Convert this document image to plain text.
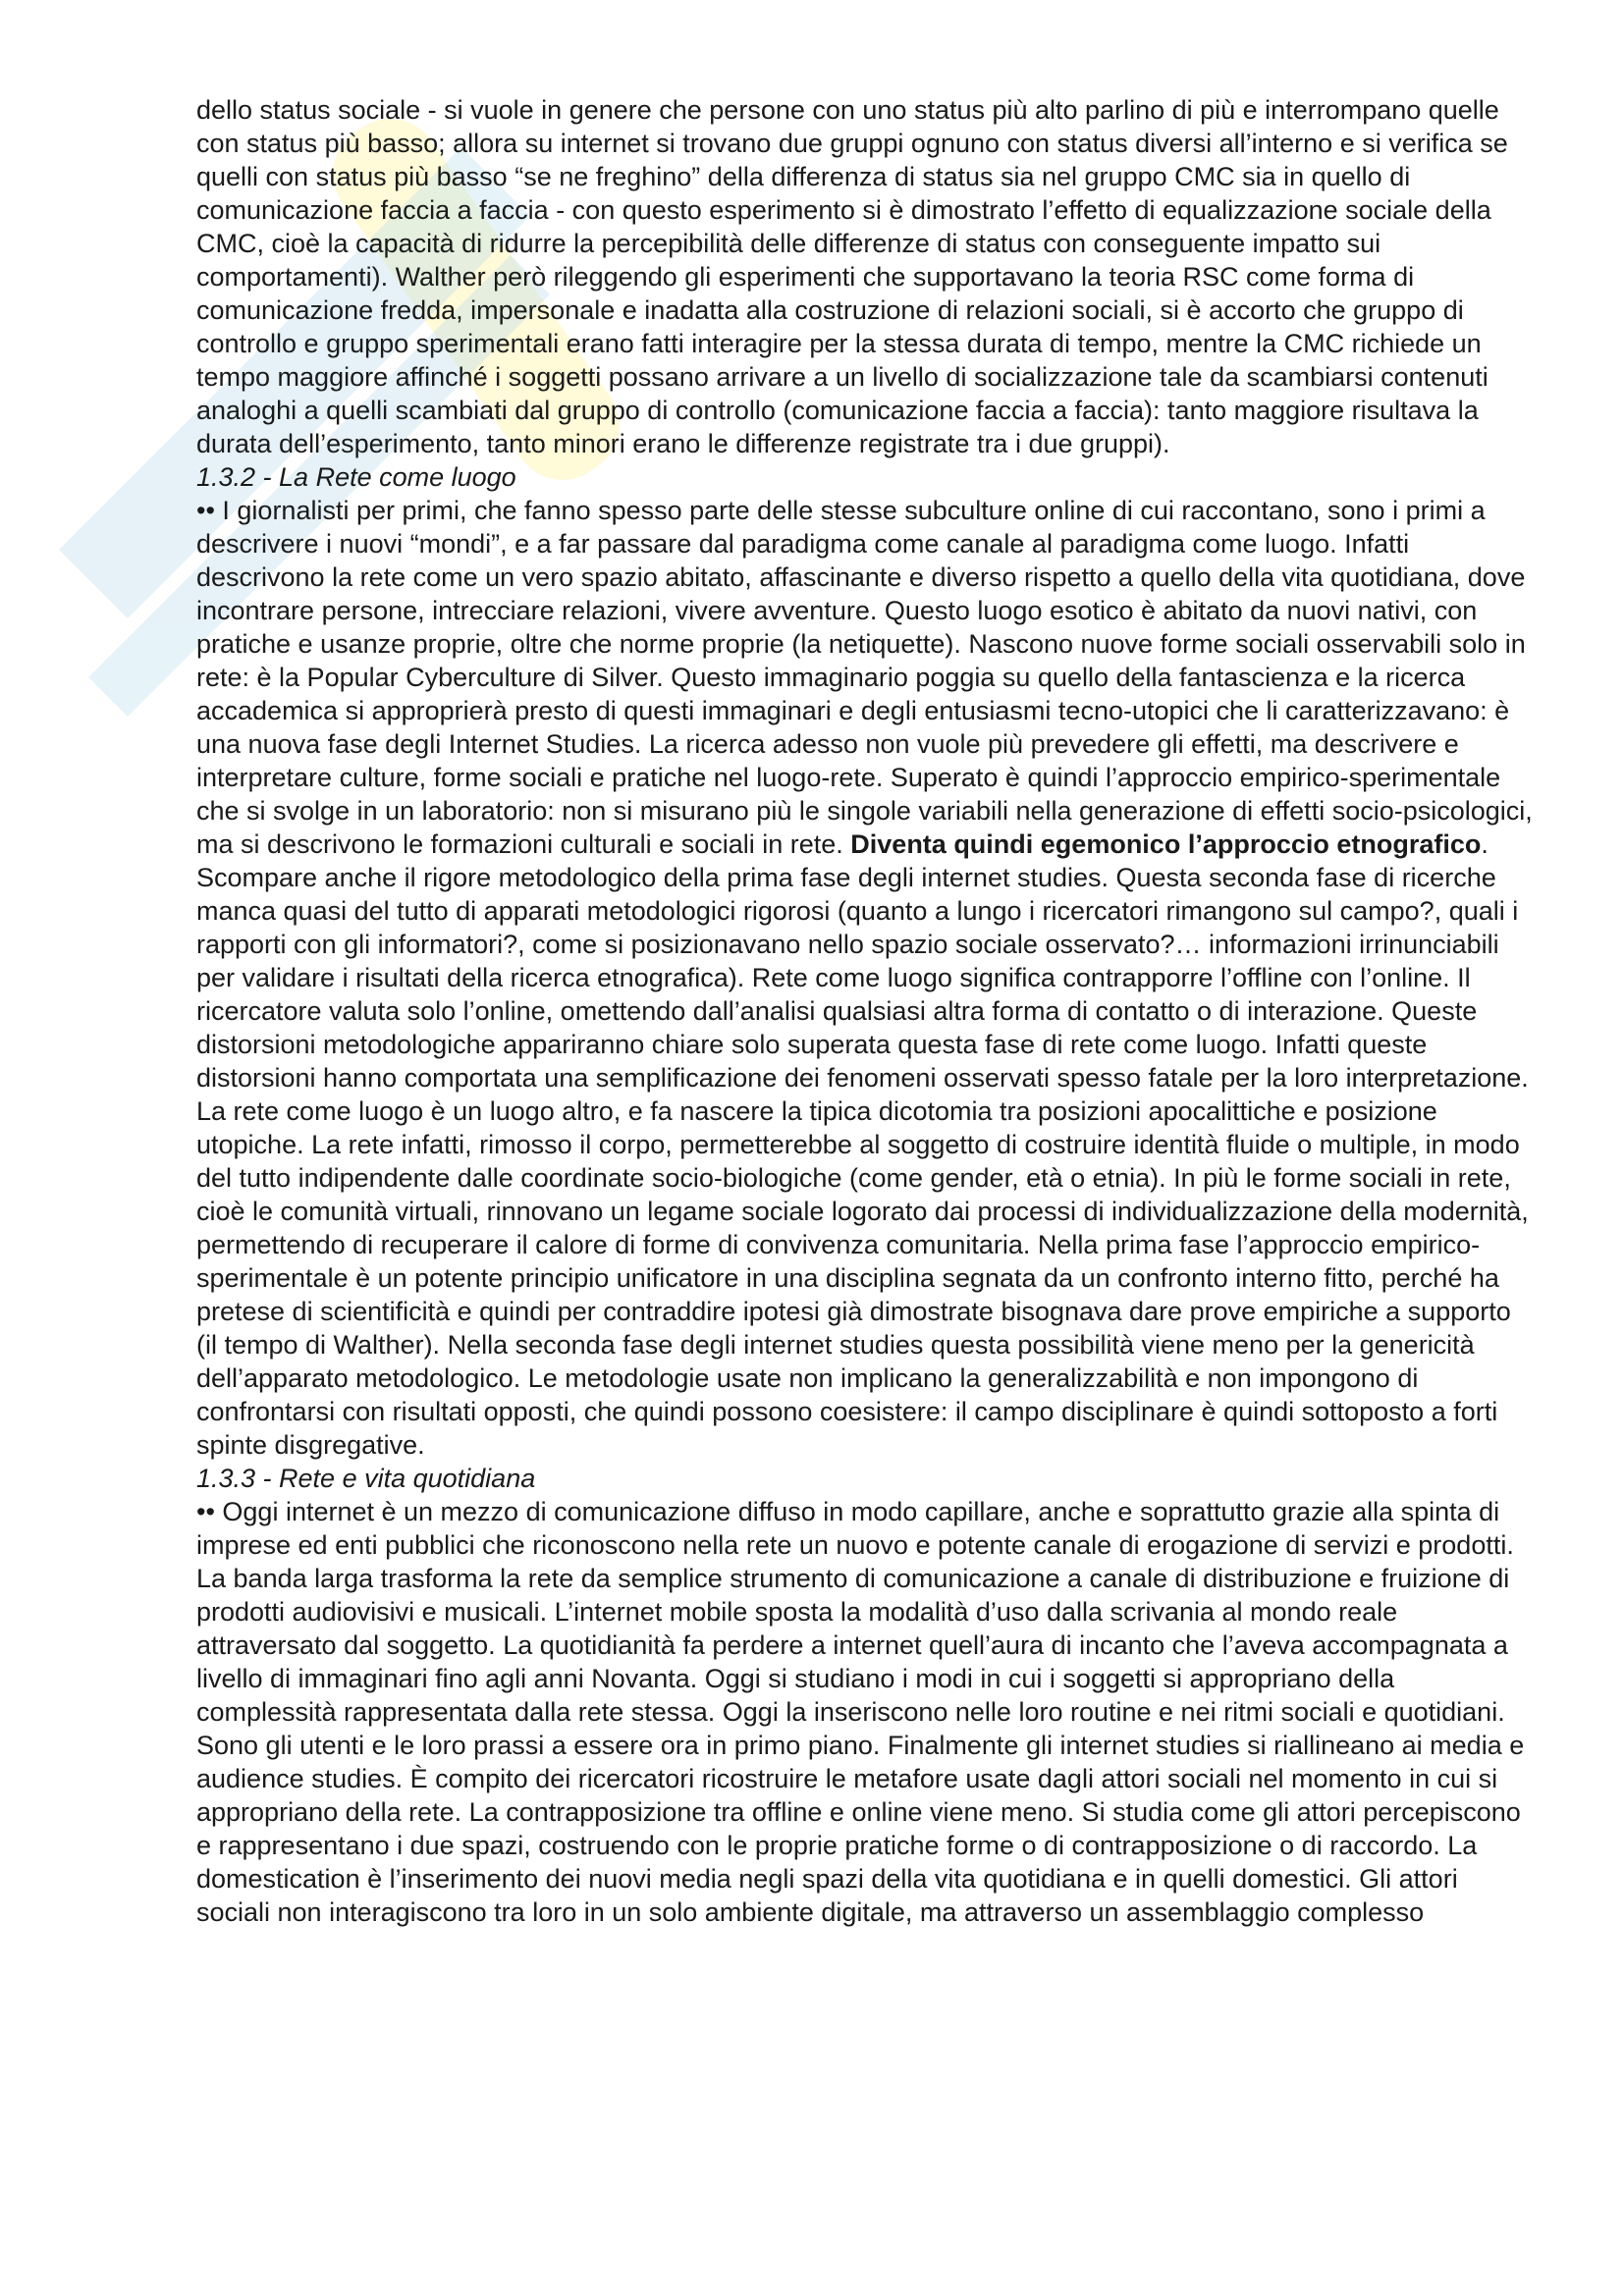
dello status sociale - si vuole in genere che persone con uno status più alto parlino di più e interrompano quelle con status più basso; allora su internet si trovano due gruppi ognuno con status diversi all’interno e si verifica se quelli con status più basso “se ne freghino” della differenza di status sia nel gruppo CMC sia in quello di comunicazione faccia a faccia - con questo esperimento si è dimostrato l’effetto di equalizzazione sociale della CMC, cioè la capacità di ridurre la percepibilità delle differenze di status con conseguente impatto sui comportamenti). Walther però rileggendo gli esperimenti che supportavano la teoria RSC come forma di comunicazione fredda, impersonale e inadatta alla costruzione di relazioni sociali, si è accorto che gruppo di controllo e gruppo sperimentali erano fatti interagire per la stessa durata di tempo, mentre la CMC richiede un tempo maggiore affinché i soggetti possano arrivare a un livello di socializzazione tale da scambiarsi contenuti analoghi a quelli scambiati dal gruppo di controllo (comunicazione faccia a faccia): tanto maggiore risultava la durata dell’esperimento, tanto minori erano le differenze registrate tra i due gruppi).

1.3.2 - La Rete come luogo

•• I giornalisti per primi, che fanno spesso parte delle stesse subculture online di cui raccontano, sono i primi a descrivere i nuovi “mondi”, e a far passare dal paradigma come canale al paradigma come luogo. Infatti descrivono la rete come un vero spazio abitato, affascinante e diverso rispetto a quello della vita quotidiana, dove incontrare persone, intrecciare relazioni, vivere avventure. Questo luogo esotico è abitato da nuovi nativi, con pratiche e usanze proprie, oltre che norme proprie (la netiquette). Nascono nuove forme sociali osservabili solo in rete: è la Popular Cyberculture di Silver. Questo immaginario poggia su quello della fantascienza e la ricerca accademica si approprierà presto di questi immaginari e degli entusiasmi tecno-utopici che li caratterizzavano: è una nuova fase degli Internet Studies. La ricerca adesso non vuole più prevedere gli effetti, ma descrivere e interpretare culture, forme sociali e pratiche nel luogo-rete. Superato è quindi l’approccio empirico-sperimentale che si svolge in un laboratorio: non si misurano più le singole variabili nella generazione di effetti socio-psicologici, ma si descrivono le formazioni culturali e sociali in rete. Diventa quindi egemonico l’approccio etnografico. Scompare anche il rigore metodologico della prima fase degli internet studies. Questa seconda fase di ricerche manca quasi del tutto di apparati metodologici rigorosi (quanto a lungo i ricercatori rimangono sul campo?, quali i rapporti con gli informatori?, come si posizionavano nello spazio sociale osservato?… informazioni irrinunciabili per validare i risultati della ricerca etnografica). Rete come luogo significa contrapporre l’offline con l’online. Il ricercatore valuta solo l’online, omettendo dall’analisi qualsiasi altra forma di contatto o di interazione. Queste distorsioni metodologiche appariranno chiare solo superata questa fase di rete come luogo. Infatti queste distorsioni hanno comportata una semplificazione dei fenomeni osservati spesso fatale per la loro interpretazione. La rete come luogo è un luogo altro, e fa nascere la tipica dicotomia tra posizioni apocalittiche e posizione utopiche. La rete infatti, rimosso il corpo, permetterebbe al soggetto di costruire identità fluide o multiple, in modo del tutto indipendente dalle coordinate socio-biologiche (come gender, età o etnia). In più le forme sociali in rete, cioè le comunità virtuali, rinnovano un legame sociale logorato dai processi di individualizzazione della modernità, permettendo di recuperare il calore di forme di convivenza comunitaria. Nella prima fase l’approccio empirico-sperimentale è un potente principio unificatore in una disciplina segnata da un confronto interno fitto, perché ha pretese di scientificità e quindi per contraddire ipotesi già dimostrate bisognava dare prove empiriche a supporto (il tempo di Walther). Nella seconda fase degli internet studies questa possibilità viene meno per la genericità dell’apparato metodologico. Le metodologie usate non implicano la generalizzabilità e non impongono di confrontarsi con risultati opposti, che quindi possono coesistere: il campo disciplinare è quindi sottoposto a forti spinte disgregative.

1.3.3 - Rete e vita quotidiana

•• Oggi internet è un mezzo di comunicazione diffuso in modo capillare, anche e soprattutto grazie alla spinta di imprese ed enti pubblici che riconoscono nella rete un nuovo e potente canale di erogazione di servizi e prodotti. La banda larga trasforma la rete da semplice strumento di comunicazione a canale di distribuzione e fruizione di prodotti audiovisivi e musicali. L’internet mobile sposta la modalità d’uso dalla scrivania al mondo reale attraversato dal soggetto. La quotidianità fa perdere a internet quell’aura di incanto che l’aveva accompagnata a livello di immaginari fino agli anni Novanta. Oggi si studiano i modi in cui i soggetti si appropriano della complessità rappresentata dalla rete stessa. Oggi la inseriscono nelle loro routine e nei ritmi sociali e quotidiani. Sono gli utenti e le loro prassi a essere ora in primo piano. Finalmente gli internet studies si riallineano ai media e audience studies. È compito dei ricercatori ricostruire le metafore usate dagli attori sociali nel momento in cui si appropriano della rete. La contrapposizione tra offline e online viene meno. Si studia come gli attori percepiscono e rappresentano i due spazi, costruendo con le proprie pratiche forme o di contrapposizione o di raccordo. La domestication è l’inserimento dei nuovi media negli spazi della vita quotidiana e in quelli domestici. Gli attori sociali non interagiscono tra loro in un solo ambiente digitale, ma attraverso un assemblaggio complesso
